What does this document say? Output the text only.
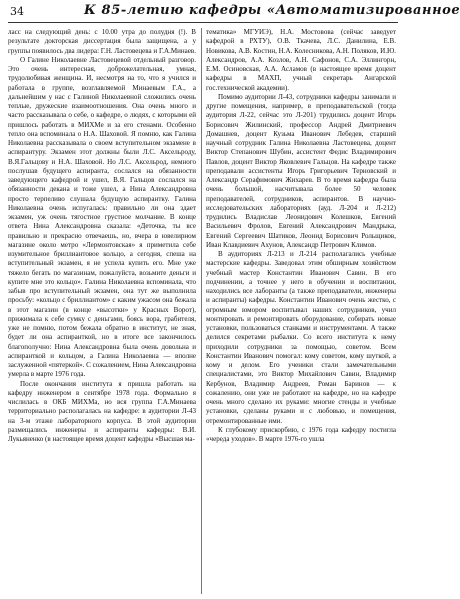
34	К 85-летию кафедры «Автоматизированное

ласс на следующий день: с 10.00 утра до полудня (!). В результате докторская диссертация была защищена, а у группы появилось два лидера: Г.Н. Ластовецева и Г.А.Минаев.

О Галине Николаевне Ластовецевой отдельный разговор. Это очень интересная, доброжелательная, умная, трудолюбивая женщина. И, несмотря на то, что я учился и работала в группе, возглавляемой Минаевым Г.А., а дальнейшим у нас с Галиной Николаевной сложились очень теплые, дружеские взаимоотношения. Она очень много и часто рассказывала о себе, о кафедре, о людях, с которыми ей пришлось работать в МИХМе и за его стенами. Особенно тепло она вспоминала о Н.А. Шаховой. Я помню, как Галина Николаевна рассказывала о своем вступительном экзамене в аспирантуру. Экзамен этот должны были Л.С. Аксельроду, В.Я.Гальцову и Н.А. Шаховой. Но Л.С. Аксельрод, немного послушав будущего аспиранта, сослался на обязанности заведующего кафедрой и ушел, В.Я. Гальцов сослался на обязанности декана и тоже ушел, а Нина Александровна просто терпеливо слушала будущую аспирантку. Галина Николаевна очень испугалась: правильно ли она здает экзамен, уж очень тягостное грустное молчание. В конце ответа Нина Александровна сказала: «Деточка, ты все правильно и прекрасно отвечаешь, но, вчера в ювелирном магазине около метро «Лермонтовская» я приметила себе изумительное бриллиантовое кольцо, а сегодня, спеша на вступительный экзамен, я не успела купить его. Мне уже тяжело бегать по магазинам, пожалуйста, возьмите деньги и купите мне это кольцо». Галина Николаевна вспоминала, что забыв про вступительный экзамен, она тут же выполнила просьбу: «кольцо с бриллиантом» с каким ужасом она бежала в этот магазин (в конце «высотки» у Красных Ворот), прижимала к себе сумку с деньгами, боясь вора, грабителя, уже не помню, потом бежала обратно в институт, не зная, будет ли она аспиранткой, но в итоге все закончилось благополучно: Нина Александровна была очень довольна и аспиранткой и кольцом, а Галина Николаевна — вполне заслуженной «пятеркой». С сожалением, Нина Александровна умерла в марте 1976 года.

После окончания института я пришла работать на кафедру инженером в сентябре 1978 года. Формально я числилась в ОКБ МИХМа, но вся группа Г.А.Минаева территориально располагалась на кафедре: в аудитории Л-43 на 3-м этаже лабораторного корпуса. В этой аудитории размещались инженеры и аспиранты кафедры: В.И. Лукьяненко (в настоящее время доцент кафедры «Высшая ма-

тематика» МГУИЭ), Н.А. Мостовова (сейчас заведует кафедрой в РХТУ), О.В. Ткачева, Л.С. Данилина, Е.В. Новикова, А.В. Костин, Н.А. Колесникова, А.Н. Поляков, И.Ю. Александров, А.А. Козлов, А.Н. Сафонов, С.А. Эллингорн, Е.М. Осиновская, А.А. Асламов (в настоящее время доцент кафедры в МАХП, учный секретарь Ангарской гос.технической академии).

Помимо аудитории Л-43, сотрудники кафедры занимали и другие помещения, например, в преподавательской (тогда аудитория Л-22, сейчас это Л-201) трудились доцент Игорь Борисович Жилинский, профессор Андрей Дмитриевич Домашнев, доцент Кузьма Иванович Лебедев, старший научный сотрудник Галина Николаевна Ластовецева, доцент Виктор Степанович Шубин, ассистент Федис Владимирович Павлов, доцент Виктор Яковлевич Гальцов. На кафедре также преподавали ассистенты Игорь Григорьевич Терновский и Александр Серафимович Жихарев. В то время кафедра была очень большой, насчитывала более 50 человек преподавателей, сотрудников, аспирантов. В научно-исследовательских лабораториях (ауд. Л-204 и Л-212) трудились Владислав Леонидович Колешков, Евгений Васильевич Фролов, Евгений Александрович Мандрыка, Евгений Сергеевич Шатиков, Леонид Борисович Рольщиков, Иван Клавдиевич Ахунов, Александр Петрович Климов.

В аудиториях Л-213 и Л-214 располагались учебные мастерские кафедры. Заведовал этим обширным хозяйством учебный мастер Константин Иванович Савин. В его подчинении, а точнее у него в обучении и воспитании, находились все лаборанты (а также преподаватели, инженеры и аспиранты) кафедры. Константин Иванович очень жестко, с огромным юмором воспитывал наших сотрудников, учил монтировать и ремонтировать оборудование, собирать новые установки, пользоваться станками и инструментами. А также делился секретами рыбалки. Со всего института к нему приходили сотрудники за помощью, советом. Всем Константин Иванович помогал: кому советом, кому шуткой, а кому и делом. Его ученики стали замечательными специалистами, это Виктор Михайлович Савин, Владимир Кербунов, Владимир Андреев, Роман Баринов — к сожалению, они уже не работают на кафедре, но на кафедре очень много сделано их руками: многие стенды и учебные установки, сделаны руками и с любовью, и помещения, отремонтированные ими.

К глубокому прискорбию, с 1976 года кафедру постигла «череда уходов». В марте 1976-го ушла
